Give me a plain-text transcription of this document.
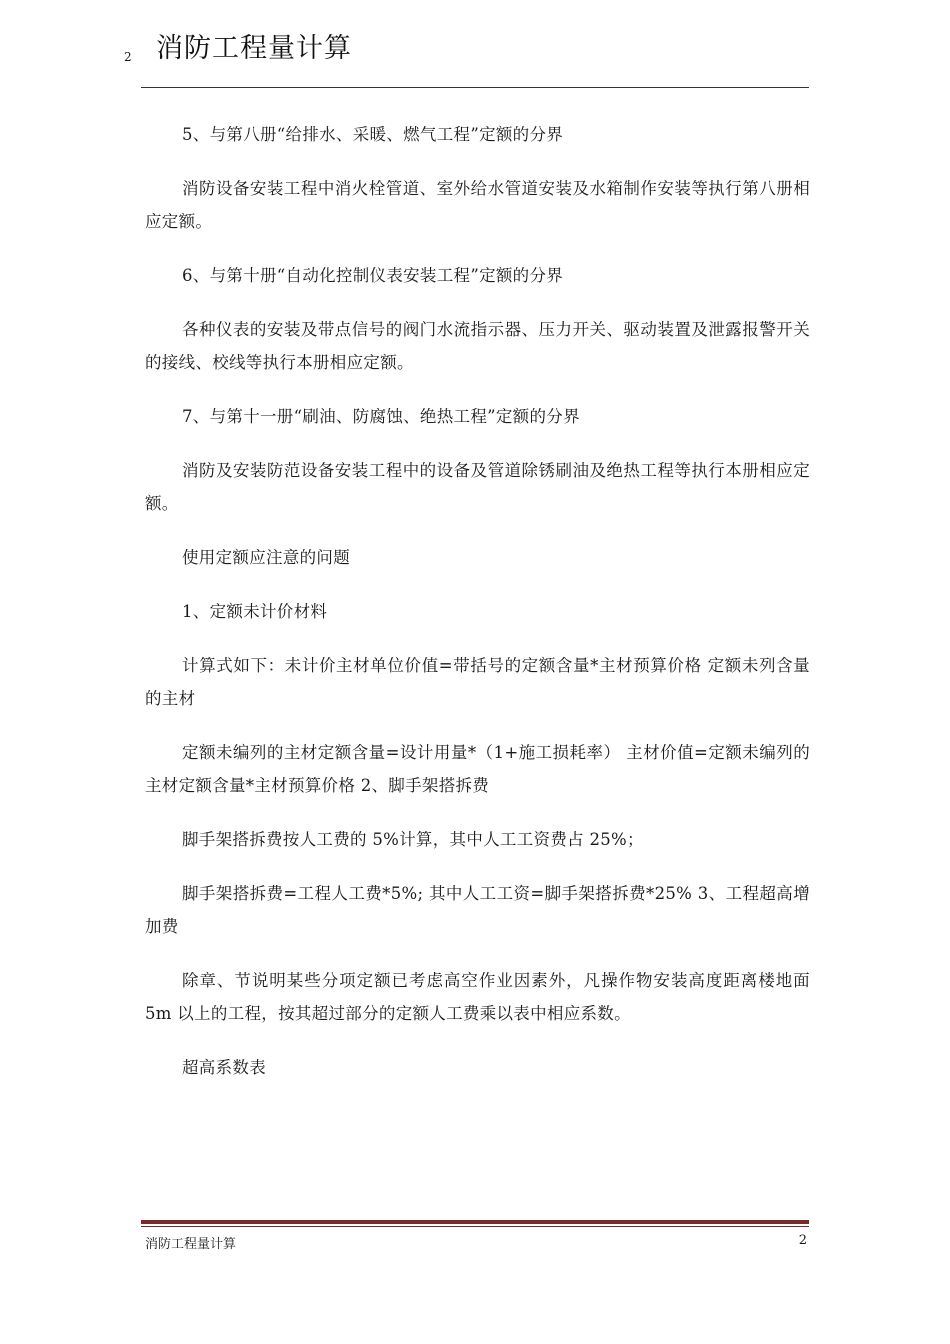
2 消防工程量计算

5、与第八册“给排水、采暖、燃气工程”定额的分界

消防设备安装工程中消火栓管道、室外给水管道安装及水箱制作安装等执行第八册相应定额。

6、与第十册“自动化控制仪表安装工程”定额的分界

各种仪表的安装及带点信号的阀门水流指示器、压力开关、驱动装置及泄露报警开关的接线、校线等执行本册相应定额。

7、与第十一册“刷油、防腐蚀、绝热工程”定额的分界

消防及安装防范设备安装工程中的设备及管道除锈刷油及绝热工程等执行本册相应定额。

使用定额应注意的问题

1、定额未计价材料

计算式如下：未计价主材单位价值=带括号的定额含量*主材预算价格 定额未列含量的主材

定额未编列的主材定额含量=设计用量*（1+施工损耗率） 主材价值=定额未编列的主材定额含量*主材预算价格 2、脚手架搭拆费

脚手架搭拆费按人工费的 5%计算，其中人工工资费占 25%；

脚手架搭拆费=工程人工费*5%; 其中人工工资=脚手架搭拆费*25% 3、工程超高增加费

除章、节说明某些分项定额已考虑高空作业因素外，凡操作物安装高度距离楼地面 5m 以上的工程，按其超过部分的定额人工费乘以表中相应系数。

超高系数表

消防工程量计算	2
